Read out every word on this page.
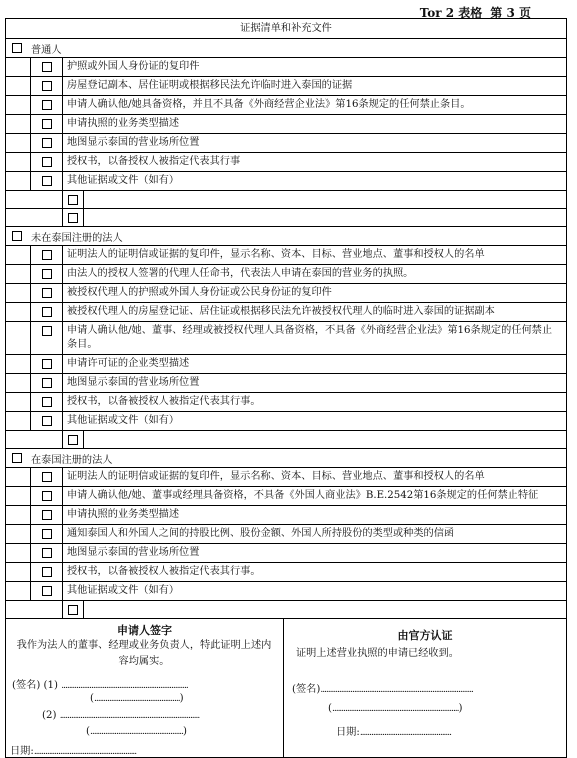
Tor 2 表格 第 3 页
证据清单和补充文件
普通人
护照或外国人身份证的复印件
房屋登记副本、居住证明或根据移民法允许临时进入泰国的证据
申请人确认他/她具备资格，并且不具备《外商经营企业法》第16条规定的任何禁止条目。
申请执照的业务类型描述
地图显示泰国的营业场所位置
授权书，以备授权人被指定代表其行事
其他证据或文件（如有）
未在泰国注册的法人
证明法人的证明信或证据的复印件，显示名称、资本、目标、营业地点、董事和授权人的名单
由法人的授权人签署的代理人任命书，代表法人申请在泰国的营业务的执照。
被授权代理人的护照或外国人身份证或公民身份证的复印件
被授权代理人的房屋登记证、居住证或根据移民法允许被授权代理人的临时进入泰国的证据副本
申请人确认他/她、董事、经理或被授权代理人具备资格，不具备《外商经营企业法》第16条规定的任何禁止条目。
申请许可证的企业类型描述
地图显示泰国的营业场所位置
授权书，以备被授权人被指定代表其行事。
其他证据或文件（如有）
在泰国注册的法人
证明法人的证明信或证据的复印件，显示名称、资本、目标、营业地点、董事和授权人的名单
申请人确认他/她、董事或经理具备资格，不具备《外国人商业法》B.E.2542第16条规定的任何禁止特征
申请执照的业务类型描述
通知泰国人和外国人之间的持股比例、股份金额、外国人所持股份的类型或种类的信函
地图显示泰国的营业场所位置
授权书，以备被授权人被指定代表其行事。
其他证据或文件（如有）
申请人签字
我作为法人的董事、经理或业务负责人，特此证明上述内容均属实。
(签名) (1) ....................................................................
(..............................................)
(2) ...........................................................................
(..................................................)
日期:.......................................................
由官方认证
证明上述营业执照的申请已经收到。
(签名)..................................................................................
(....................................................................)
日期:.................................................
